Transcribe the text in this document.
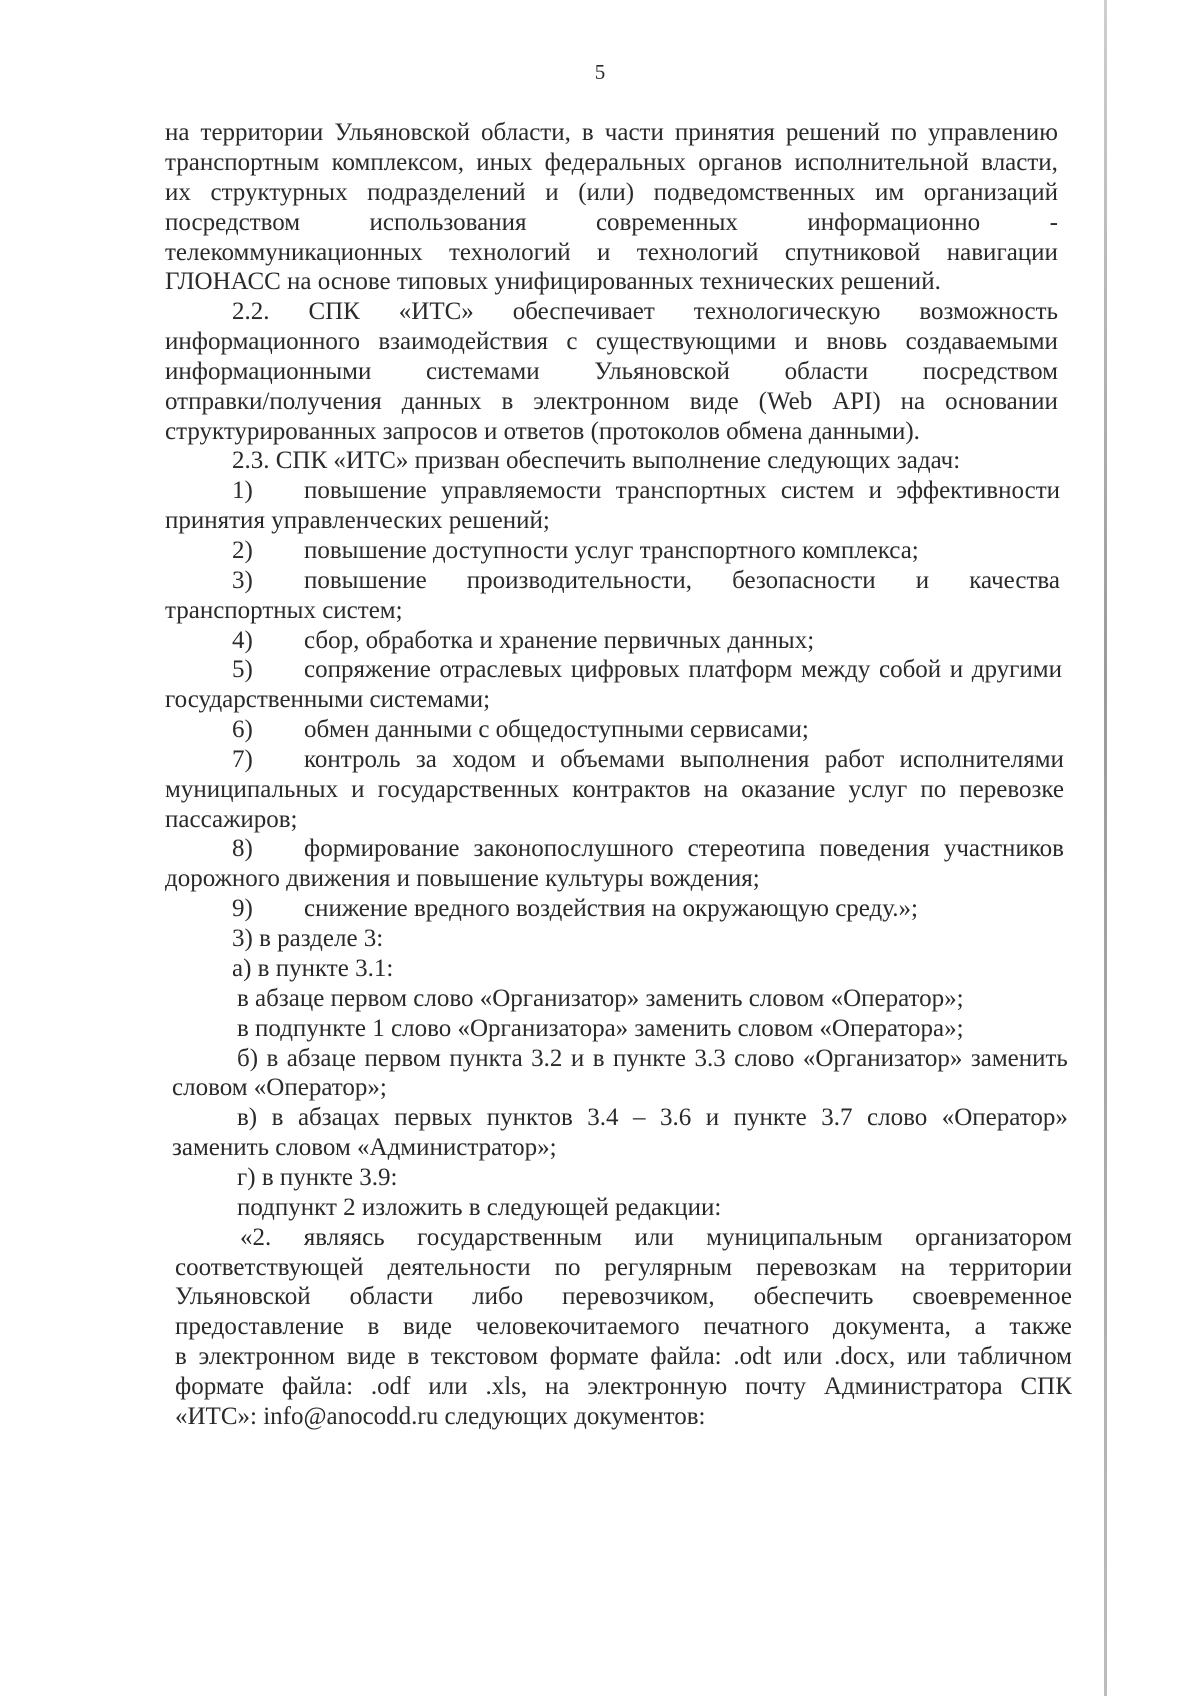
5
на территории Ульяновской области, в части принятия решений по управлению
транспортным комплексом, иных федеральных органов исполнительной власти,
их структурных подразделений и (или) подведомственных им организаций
посредством	использования	современных	информационно	-
телекоммуникационных технологий и технологий спутниковой навигации
ГЛОНАСС на основе типовых унифицированных технических решений.
2.2. СПК «ИТС» обеспечивает технологическую возможность
информационного взаимодействия с существующими и вновь создаваемыми
информационными системами Ульяновской области посредством
отправки/получения данных в электронном виде (Web API) на основании
структурированных запросов и ответов (протоколов обмена данными).
2.3. СПК «ИТС» призван обеспечить выполнение следующих задач:
1)	повышение управляемости транспортных систем и эффективности
принятия управленческих решений;
2)	повышение доступности услуг транспортного комплекса;
3)	повышение производительности, безопасности и качества
транспортных систем;
4)	сбор, обработка и хранение первичных данных;
5)	сопряжение отраслевых цифровых платформ между собой и другими
государственными системами;
6)	обмен данными с общедоступными сервисами;
7)	контроль за ходом и объемами выполнения работ исполнителями
муниципальных и государственных контрактов на оказание услуг по перевозке
пассажиров;
8)	формирование законопослушного стереотипа поведения участников
дорожного движения и повышение культуры вождения;
9)	снижение вредного воздействия на окружающую среду.»;
3) в разделе 3:
а) в пункте 3.1:
в абзаце первом слово «Организатор» заменить словом «Оператор»;
в подпункте 1 слово «Организатора» заменить словом «Оператора»;
б) в абзаце первом пункта 3.2 и в пункте 3.3 слово «Организатор» заменить
словом «Оператор»;
в) в абзацах первых пунктов 3.4 – 3.6 и пункте 3.7 слово «Оператор»
заменить словом «Администратор»;
г) в пункте 3.9:
подпункт 2 изложить в следующей редакции:
«2. являясь государственным или муниципальным организатором
соответствующей деятельности по регулярным перевозкам на территории
Ульяновской области либо перевозчиком, обеспечить своевременное
предоставление в виде человекочитаемого печатного документа, а также
в электронном виде в текстовом формате файла: .odt или .docx, или табличном
формате файла: .odf или .xls, на электронную почту Администратора СПК
«ИТС»: info@anocodd.ru следующих документов:
